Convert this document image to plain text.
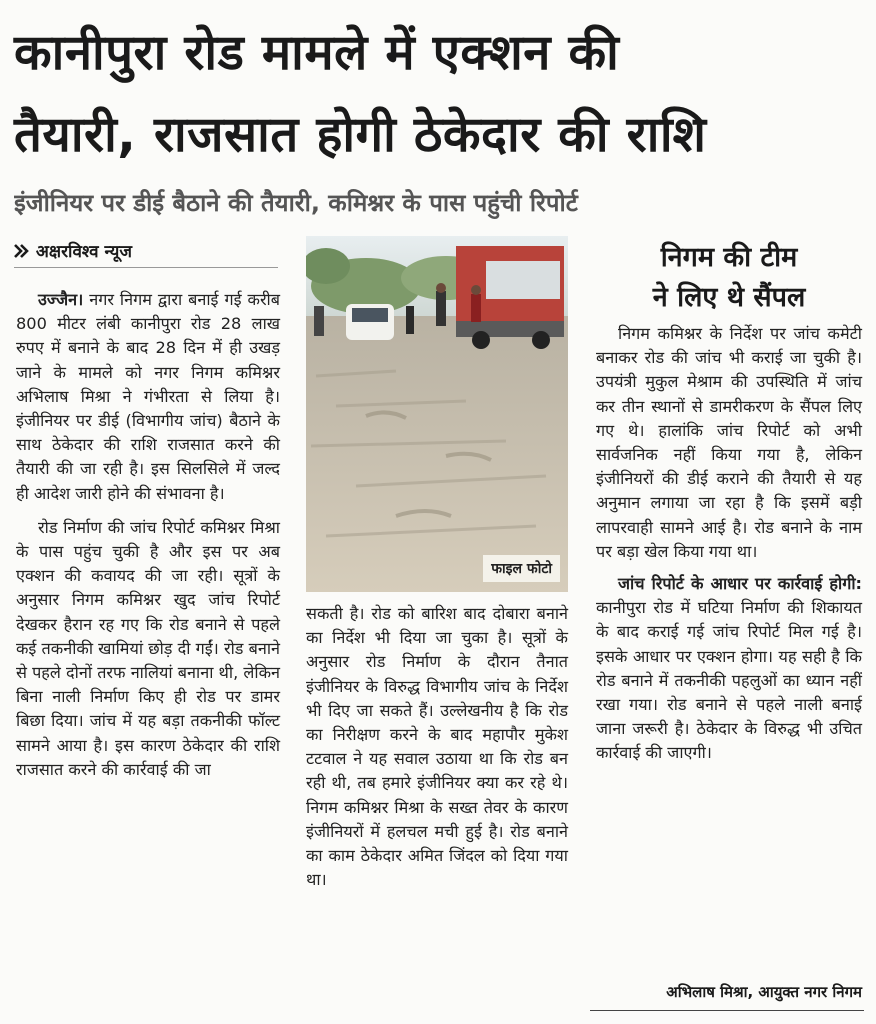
कानीपुरा रोड मामले में एक्शन की
तैयारी, राजसात होगी ठेकेदार की राशि
इंजीनियर पर डीई बैठाने की तैयारी, कमिश्नर के पास पहुंची रिपोर्ट
अक्षरविश्व न्यूज

उज्जैन। नगर निगम द्वारा बनाई गई करीब 800 मीटर लंबी कानीपुरा रोड 28 लाख रुपए में बनाने के बाद 28 दिन में ही उखड़ जाने के मामले को नगर निगम कमिश्नर अभिलाष मिश्रा ने गंभीरता से लिया है। इंजीनियर पर डीई (विभागीय जांच) बैठाने के साथ ठेकेदार की राशि राजसात करने की तैयारी की जा रही है। इस सिलसिले में जल्द ही आदेश जारी होने की संभावना है।

रोड निर्माण की जांच रिपोर्ट कमिश्नर मिश्रा के पास पहुंच चुकी है और इस पर अब एक्शन की कवायद की जा रही। सूत्रों के अनुसार निगम कमिश्नर खुद जांच रिपोर्ट देखकर हैरान रह गए कि रोड बनाने से पहले कई तकनीकी खामियां छोड़ दी गईं। रोड बनाने से पहले दोनों तरफ नालियां बनाना थी, लेकिन बिना नाली निर्माण किए ही रोड पर डामर बिछा दिया। जांच में यह बड़ा तकनीकी फॉल्ट सामने आया है। इस कारण ठेकेदार की राशि राजसात करने की कार्रवाई की जा

फाइल फोटो

सकती है। रोड को बारिश बाद दोबारा बनाने का निर्देश भी दिया जा चुका है। सूत्रों के अनुसार रोड निर्माण के दौरान तैनात इंजीनियर के विरुद्ध विभागीय जांच के निर्देश भी दिए जा सकते हैं। उल्लेखनीय है कि रोड का निरीक्षण करने के बाद महापौर मुकेश टटवाल ने यह सवाल उठाया था कि रोड बन रही थी, तब हमारे इंजीनियर क्या कर रहे थे। निगम कमिश्नर मिश्रा के सख्त तेवर के कारण इंजीनियरों में हलचल मची हुई है। रोड बनाने का काम ठेकेदार अमित जिंदल को दिया गया था।

निगम की टीम
ने लिए थे सैंपल

निगम कमिश्नर के निर्देश पर जांच कमेटी बनाकर रोड की जांच भी कराई जा चुकी है। उपयंत्री मुकुल मेश्राम की उपस्थिति में जांच कर तीन स्थानों से डामरीकरण के सैंपल लिए गए थे। हालांकि जांच रिपोर्ट को अभी सार्वजनिक नहीं किया गया है, लेकिन इंजीनियरों की डीई कराने की तैयारी से यह अनुमान लगाया जा रहा है कि इसमें बड़ी लापरवाही सामने आई है। रोड बनाने के नाम पर बड़ा खेल किया गया था।

जांच रिपोर्ट के आधार पर कार्रवाई होगी: कानीपुरा रोड में घटिया निर्माण की शिकायत के बाद कराई गई जांच रिपोर्ट मिल गई है। इसके आधार पर एक्शन होगा। यह सही है कि रोड बनाने में तकनीकी पहलुओं का ध्यान नहीं रखा गया। रोड बनाने से पहले नाली बनाई जाना जरूरी है। ठेकेदार के विरुद्ध भी उचित कार्रवाई की जाएगी।

अभिलाष मिश्रा, आयुक्त नगर निगम
